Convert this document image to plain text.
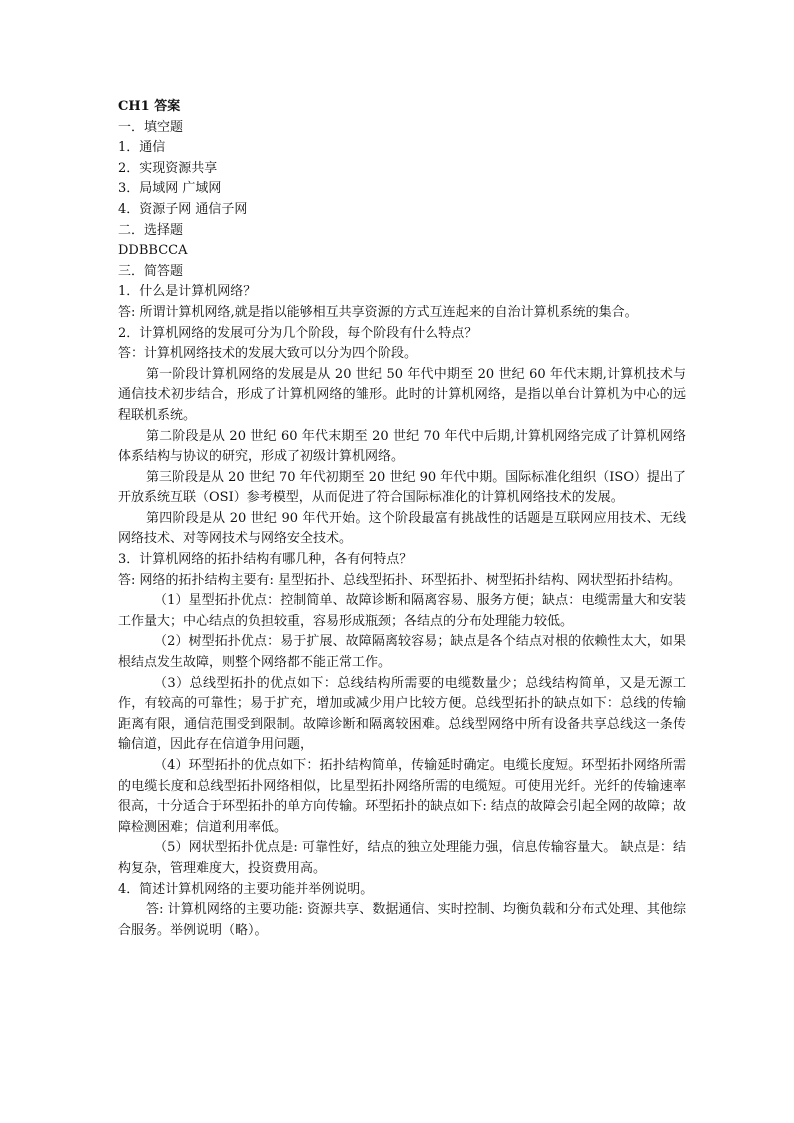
CH1 答案

一．填空题

1．通信

2．实现资源共享

3．局域网 广域网

4．资源子网 通信子网

二．选择题

DDBBCCA

三．简答题

1．什么是计算机网络？

答: 所谓计算机网络,就是指以能够相互共享资源的方式互连起来的自治计算机系统的集合。

2．计算机网络的发展可分为几个阶段，每个阶段有什么特点？

答：计算机网络技术的发展大致可以分为四个阶段。

第一阶段计算机网络的发展是从 20 世纪 50 年代中期至 20 世纪 60 年代末期,计算机技术与通信技术初步结合，形成了计算机网络的雏形。此时的计算机网络，是指以单台计算机为中心的远程联机系统。

第二阶段是从 20 世纪 60 年代末期至 20 世纪 70 年代中后期,计算机网络完成了计算机网络体系结构与协议的研究，形成了初级计算机网络。

第三阶段是从 20 世纪 70 年代初期至 20 世纪 90 年代中期。国际标准化组织（ISO）提出了开放系统互联（OSI）参考模型，从而促进了符合国际标准化的计算机网络技术的发展。

第四阶段是从 20 世纪 90 年代开始。这个阶段最富有挑战性的话题是互联网应用技术、无线网络技术、对等网技术与网络安全技术。

3．计算机网络的拓扑结构有哪几种，各有何特点？

答: 网络的拓扑结构主要有: 星型拓扑、总线型拓扑、环型拓扑、树型拓扑结构、网状型拓扑结构。

（1）星型拓扑优点：控制简单、故障诊断和隔离容易、服务方便；缺点：电缆需量大和安装工作量大；中心结点的负担较重，容易形成瓶颈；各结点的分布处理能力较低。

（2）树型拓扑优点：易于扩展、故障隔离较容易；缺点是各个结点对根的依赖性太大，如果根结点发生故障，则整个网络都不能正常工作。

（3）总线型拓扑的优点如下：总线结构所需要的电缆数量少；总线结构简单，又是无源工作，有较高的可靠性；易于扩充，增加或减少用户比较方便。总线型拓扑的缺点如下：总线的传输距离有限，通信范围受到限制。故障诊断和隔离较困难。总线型网络中所有设备共享总线这一条传输信道，因此存在信道争用问题，

（4）环型拓扑的优点如下：拓扑结构简单，传输延时确定。电缆长度短。环型拓扑网络所需的电缆长度和总线型拓扑网络相似，比星型拓扑网络所需的电缆短。可使用光纤。光纤的传输速率很高，十分适合于环型拓扑的单方向传输。环型拓扑的缺点如下: 结点的故障会引起全网的故障；故障检测困难；信道利用率低。

（5）网状型拓扑优点是: 可靠性好，结点的独立处理能力强，信息传输容量大。 缺点是：结构复杂，管理难度大，投资费用高。

4．简述计算机网络的主要功能并举例说明。

答: 计算机网络的主要功能: 资源共享、数据通信、实时控制、均衡负载和分布式处理、其他综合服务。举例说明（略）。
